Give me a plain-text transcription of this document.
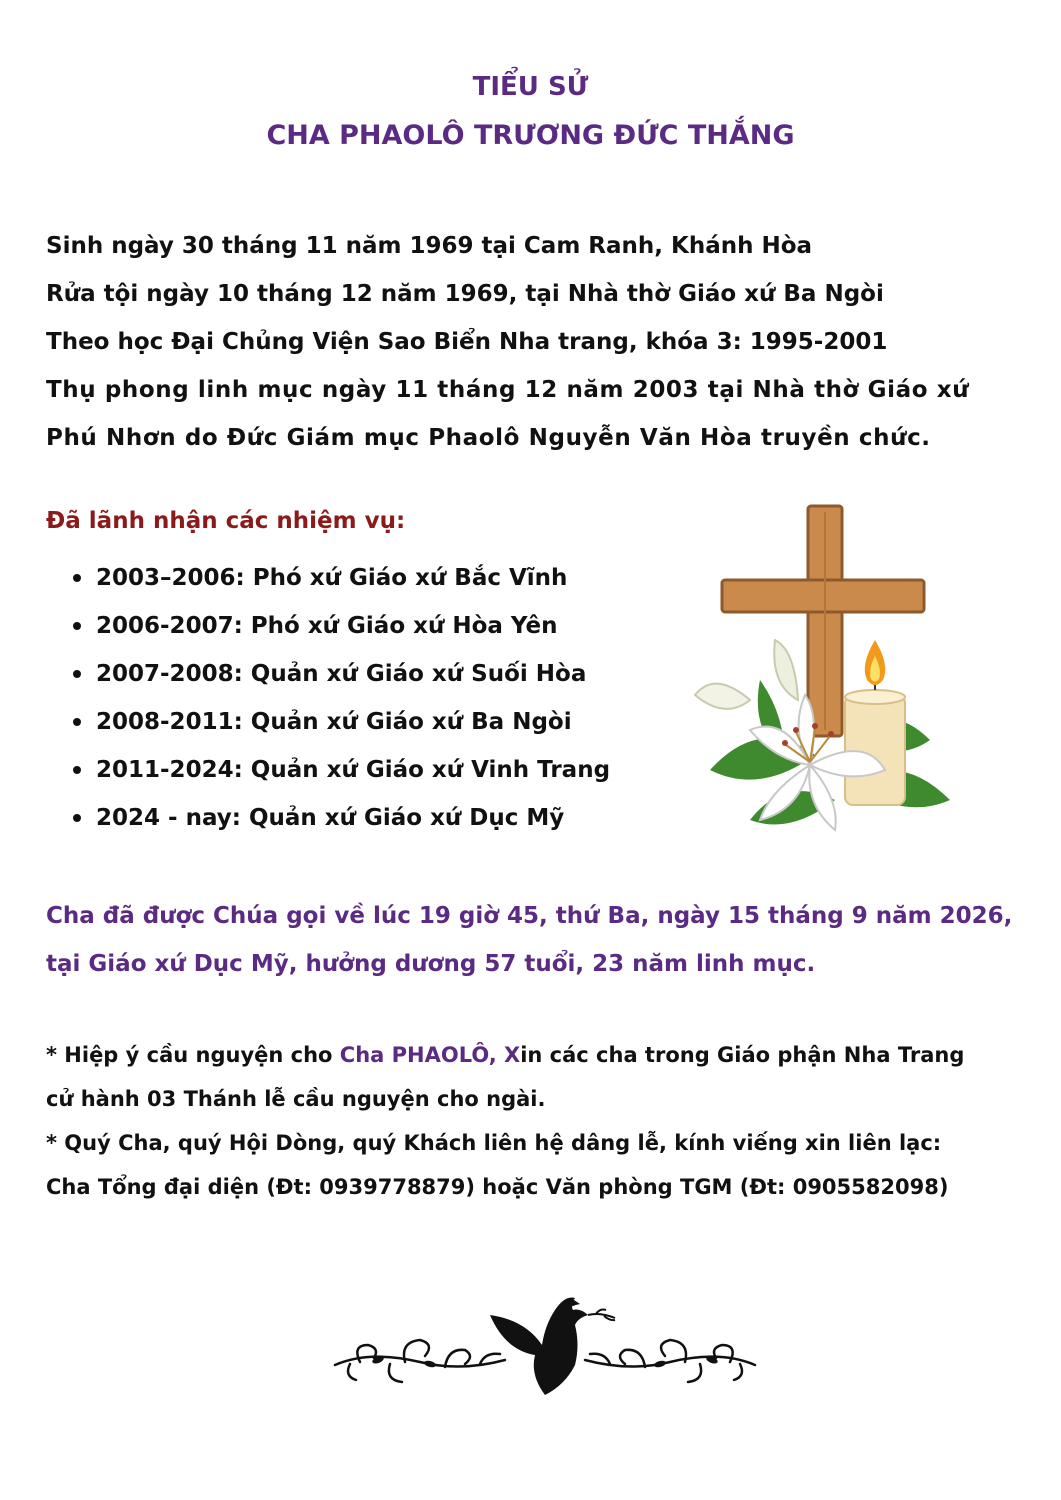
TIỂU SỬ
CHA PHAOLÔ TRƯƠNG ĐỨC THẮNG
Sinh ngày 30 tháng 11 năm 1969 tại Cam Ranh, Khánh Hòa
Rửa tội ngày 10 tháng 12 năm 1969, tại Nhà thờ Giáo xứ Ba Ngòi
Theo học Đại Chủng Viện Sao Biển Nha trang, khóa 3: 1995-2001
Thụ phong linh mục ngày 11 tháng 12 năm 2003 tại Nhà thờ Giáo xứ
Phú Nhơn do Đức Giám mục Phaolô Nguyễn Văn Hòa truyền chức.
Đã lãnh nhận các nhiệm vụ:
2003–2006: Phó xứ Giáo xứ Bắc Vĩnh
2006-2007: Phó xứ Giáo xứ Hòa Yên
2007-2008: Quản xứ Giáo xứ Suối Hòa
2008-2011: Quản xứ Giáo xứ Ba Ngòi
2011-2024: Quản xứ Giáo xứ Vinh Trang
2024 - nay: Quản xứ Giáo xứ Dục Mỹ
Cha đã được Chúa gọi về lúc 19 giờ 45, thứ Ba, ngày 15 tháng 9 năm 2026,
tại Giáo xứ Dục Mỹ, hưởng dương 57 tuổi, 23 năm linh mục.
* Hiệp ý cầu nguyện cho Cha PHAOLÔ, Xin các cha trong Giáo phận Nha Trang
cử hành 03 Thánh lễ cầu nguyện cho ngài.
* Quý Cha, quý Hội Dòng, quý Khách liên hệ dâng lễ, kính viếng xin liên lạc:
Cha Tổng đại diện (Đt: 0939778879) hoặc Văn phòng TGM (Đt: 0905582098)
